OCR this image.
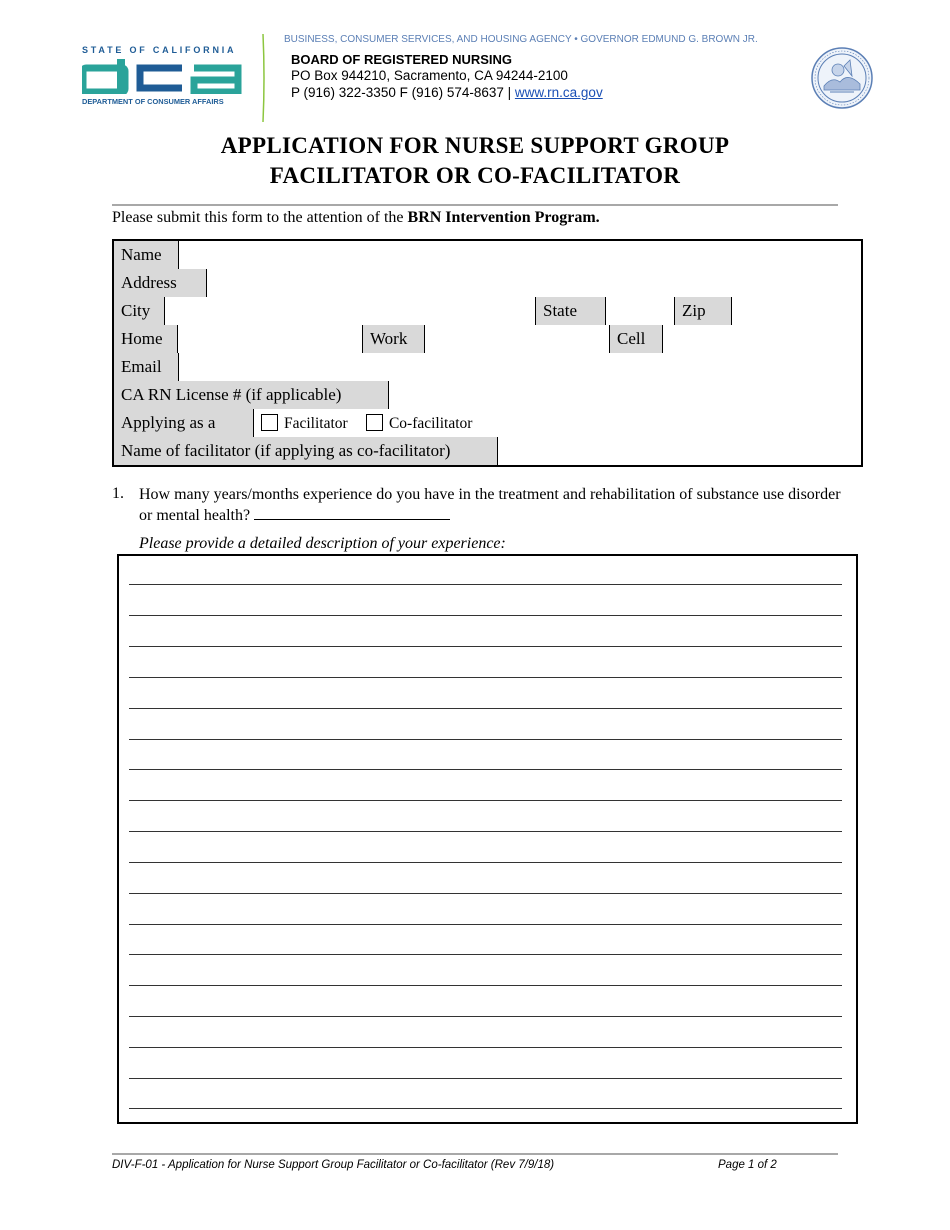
STATE OF CALIFORNIA
DEPARTMENT OF CONSUMER AFFAIRS
BUSINESS, CONSUMER SERVICES, AND HOUSING AGENCY • GOVERNOR EDMUND G. BROWN JR.
BOARD OF REGISTERED NURSING
PO Box 944210, Sacramento, CA 94244-2100
P (916) 322-3350 F (916) 574-8637 | www.rn.ca.gov
APPLICATION FOR NURSE SUPPORT GROUP
FACILITATOR OR CO-FACILITATOR
Please submit this form to the attention of the BRN Intervention Program.
Name
Address
City	State	Zip
Home	Work	Cell
Email
CA RN License # (if applicable)
Applying as a	Facilitator	Co-facilitator
Name of facilitator (if applying as co-facilitator)
1. How many years/months experience do you have in the treatment and rehabilitation of substance use disorder or mental health?
Please provide a detailed description of your experience:
DIV-F-01 - Application for Nurse Support Group Facilitator or Co-facilitator (Rev 7/9/18)	Page 1 of 2
